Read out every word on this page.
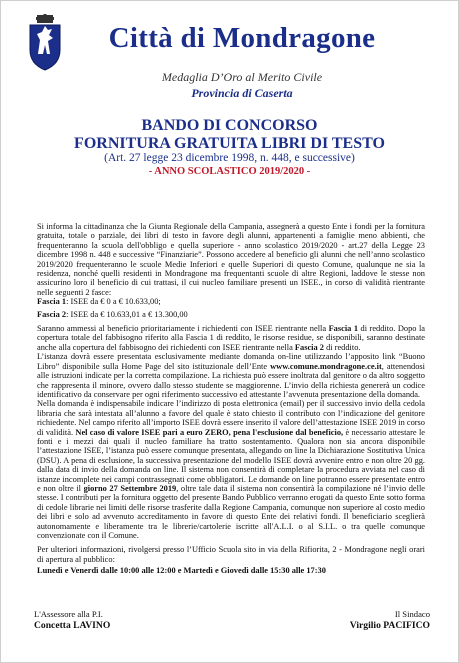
Città di Mondragone
Medaglia D’Oro al Merito Civile
Provincia di Caserta
BANDO DI CONCORSO
FORNITURA GRATUITA LIBRI DI TESTO
(Art. 27 legge 23 dicembre 1998, n. 448, e successive)
- ANNO SCOLASTICO 2019/2020 -

Si informa la cittadinanza che la Giunta Regionale della Campania, assegnerà a questo Ente i fondi per la fornitura gratuita, totale o parziale, dei libri di testo in favore degli alunni, appartenenti a famiglie meno abbienti, che frequenteranno la scuola dell'obbligo e quella superiore - anno scolastico 2019/2020 - art.27 della Legge 23 dicembre 1998 n. 448 e successive “Finanziarie”. Possono accedere al beneficio gli alunni che nell’anno scolastico 2019/2020 frequenteranno le scuole Medie Inferiori e quelle Superiori di questo Comune, qualunque ne sia la residenza, nonché quelli residenti in Mondragone ma frequentanti scuole di altre Regioni, laddove le stesse non assicurino loro il beneficio di cui trattasi, il cui nucleo familiare presenti un ISEE., in corso di validità rientrante nelle seguenti 2 fasce:

Fascia 1: ISEE da € 0 a € 10.633,00;

Fascia 2: ISEE da € 10.633,01 a € 13.300,00

Saranno ammessi al beneficio prioritariamente i richiedenti con ISEE rientrante nella Fascia 1 di reddito. Dopo la copertura totale del fabbisogno riferito alla Fascia 1 di reddito, le risorse residue, se disponibili, saranno destinate anche alla copertura del fabbisogno dei richiedenti con ISEE rientrante nella Fascia 2 di reddito.

L’istanza dovrà essere presentata esclusivamente mediante domanda on-line utilizzando l’apposito link “Buono Libro” disponibile sulla Home Page del sito istituzionale dell’Ente www.comune.mondragone.ce.it, attenendosi alle istruzioni indicate per la corretta compilazione. La richiesta può essere inoltrata dal genitore o da altro soggetto che rappresenta il minore, ovvero dallo stesso studente se maggiorenne. L’invio della richiesta genererà un codice identificativo da conservare per ogni riferimento successivo ed attestante l’avvenuta presentazione della domanda.

Nella domanda è indispensabile indicare l’indirizzo di posta elettronica (email) per il successivo invio della cedola libraria che sarà intestata all’alunno a favore del quale è stato chiesto il contributo con l’indicazione del genitore richiedente. Nel campo riferito all’importo ISEE dovrà essere inserito il valore dell’attestazione ISEE 2019 in corso di validità. Nel caso di valore ISEE pari a euro ZERO, pena l'esclusione dal beneficio, è necessario attestare le fonti e i mezzi dai quali il nucleo familiare ha tratto sostentamento. Qualora non sia ancora disponibile l’attestazione ISEE, l’istanza può essere comunque presentata, allegando on line la Dichiarazione Sostitutiva Unica (DSU). A pena di esclusione, la successiva presentazione del modello ISEE dovrà avvenire entro e non oltre 20 gg. dalla data di invio della domanda on line. Il sistema non consentirà di completare la procedura avviata nel caso di istanze incomplete nei campi contrassegnati come obbligatori. Le domande on line potranno essere presentate entro e non oltre il giorno 27 Settembre 2019, oltre tale data il sistema non consentirà la compilazione né l’invio delle stesse. I contributi per la fornitura oggetto del presente Bando Pubblico verranno erogati da questo Ente sotto forma di cedole librarie nei limiti delle risorse trasferite dalla Regione Campania, comunque non superiore al costo medio dei libri e solo ad avvenuto accreditamento in favore di questo Ente dei relativi fondi. Il beneficiario sceglierà autonomamente e liberamente tra le librerie/cartolerie iscritte all'A.L.I. o al S.I.L. o tra quelle comunque convenzionate con il Comune.

Per ulteriori informazioni, rivolgersi presso l’Ufficio Scuola sito in via della Rifiorita, 2 - Mondragone negli orari di apertura al pubblico:

Lunedì e Venerdì dalle 10:00 alle 12:00 e Martedì e Giovedì dalle 15:30 alle 17:30

L'Assessore alla P.I.
Concetta LAVINO
Il Sindaco
Virgilio PACIFICO
